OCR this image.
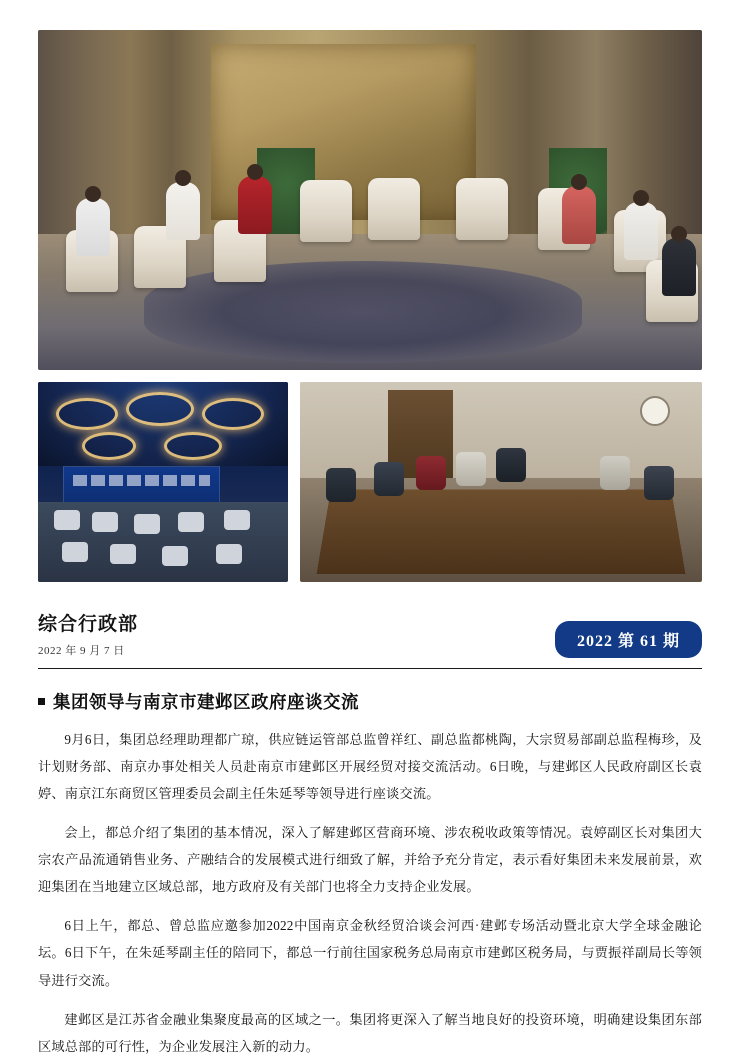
综合行政部
2022 年 9 月 7 日
2022 第 61 期
集团领导与南京市建邺区政府座谈交流

9月6日，集团总经理助理都广琼，供应链运管部总监曾祥红、副总监都桃陶，大宗贸易部副总监程梅珍，及计划财务部、南京办事处相关人员赴南京市建邺区开展经贸对接交流活动。6日晚，与建邺区人民政府副区长袁婷、南京江东商贸区管理委员会副主任朱延琴等领导进行座谈交流。

会上，都总介绍了集团的基本情况，深入了解建邺区营商环境、涉农税收政策等情况。袁婷副区长对集团大宗农产品流通销售业务、产融结合的发展模式进行细致了解，并给予充分肯定，表示看好集团未来发展前景，欢迎集团在当地建立区域总部，地方政府及有关部门也将全力支持企业发展。

6日上午，都总、曾总监应邀参加2022中国南京金秋经贸洽谈会河西·建邺专场活动暨北京大学全球金融论坛。6日下午，在朱延琴副主任的陪同下，都总一行前往国家税务总局南京市建邺区税务局，与贾振祥副局长等领导进行交流。

建邺区是江苏省金融业集聚度最高的区域之一。集团将更深入了解当地良好的投资环境，明确建设集团东部区域总部的可行性，为企业发展注入新的动力。
